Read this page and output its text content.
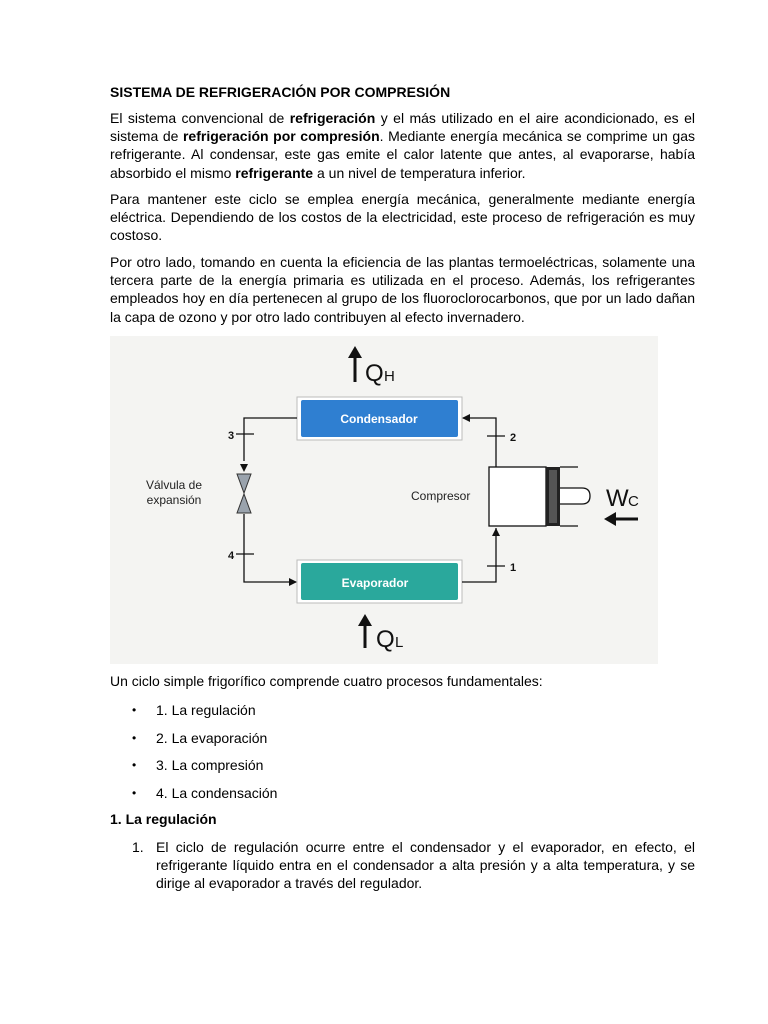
SISTEMA DE REFRIGERACIÓN POR COMPRESIÓN

El sistema convencional de refrigeración y el más utilizado en el aire acondicionado, es el sistema de refrigeración por compresión. Mediante energía mecánica se comprime un gas refrigerante. Al condensar, este gas emite el calor latente que antes, al evaporarse, había absorbido el mismo refrigerante a un nivel de temperatura inferior.

Para mantener este ciclo se emplea energía mecánica, generalmente mediante energía eléctrica. Dependiendo de los costos de la electricidad, este proceso de refrigeración es muy costoso.

Por otro lado, tomando en cuenta la eficiencia de las plantas termoeléctricas, solamente una tercera parte de la energía primaria es utilizada en el proceso. Además, los refrigerantes empleados hoy en día pertenecen al grupo de los fluoroclorocarbonos, que por un lado dañan la capa de ozono y por otro lado contribuyen al efecto invernadero.

Q H
Condensador
Evaporador
Válvula de
expansión
3
4
1
2
Compresor	W C
Q L

Un ciclo simple frigorífico comprende cuatro procesos fundamentales:

• 1. La regulación
• 2. La evaporación
• 3. La compresión
• 4. La condensación
1. La regulación
1. El ciclo de regulación ocurre entre el condensador y el evaporador, en efecto, el refrigerante líquido entra en el condensador a alta presión y a alta temperatura, y se dirige al evaporador a través del regulador.
